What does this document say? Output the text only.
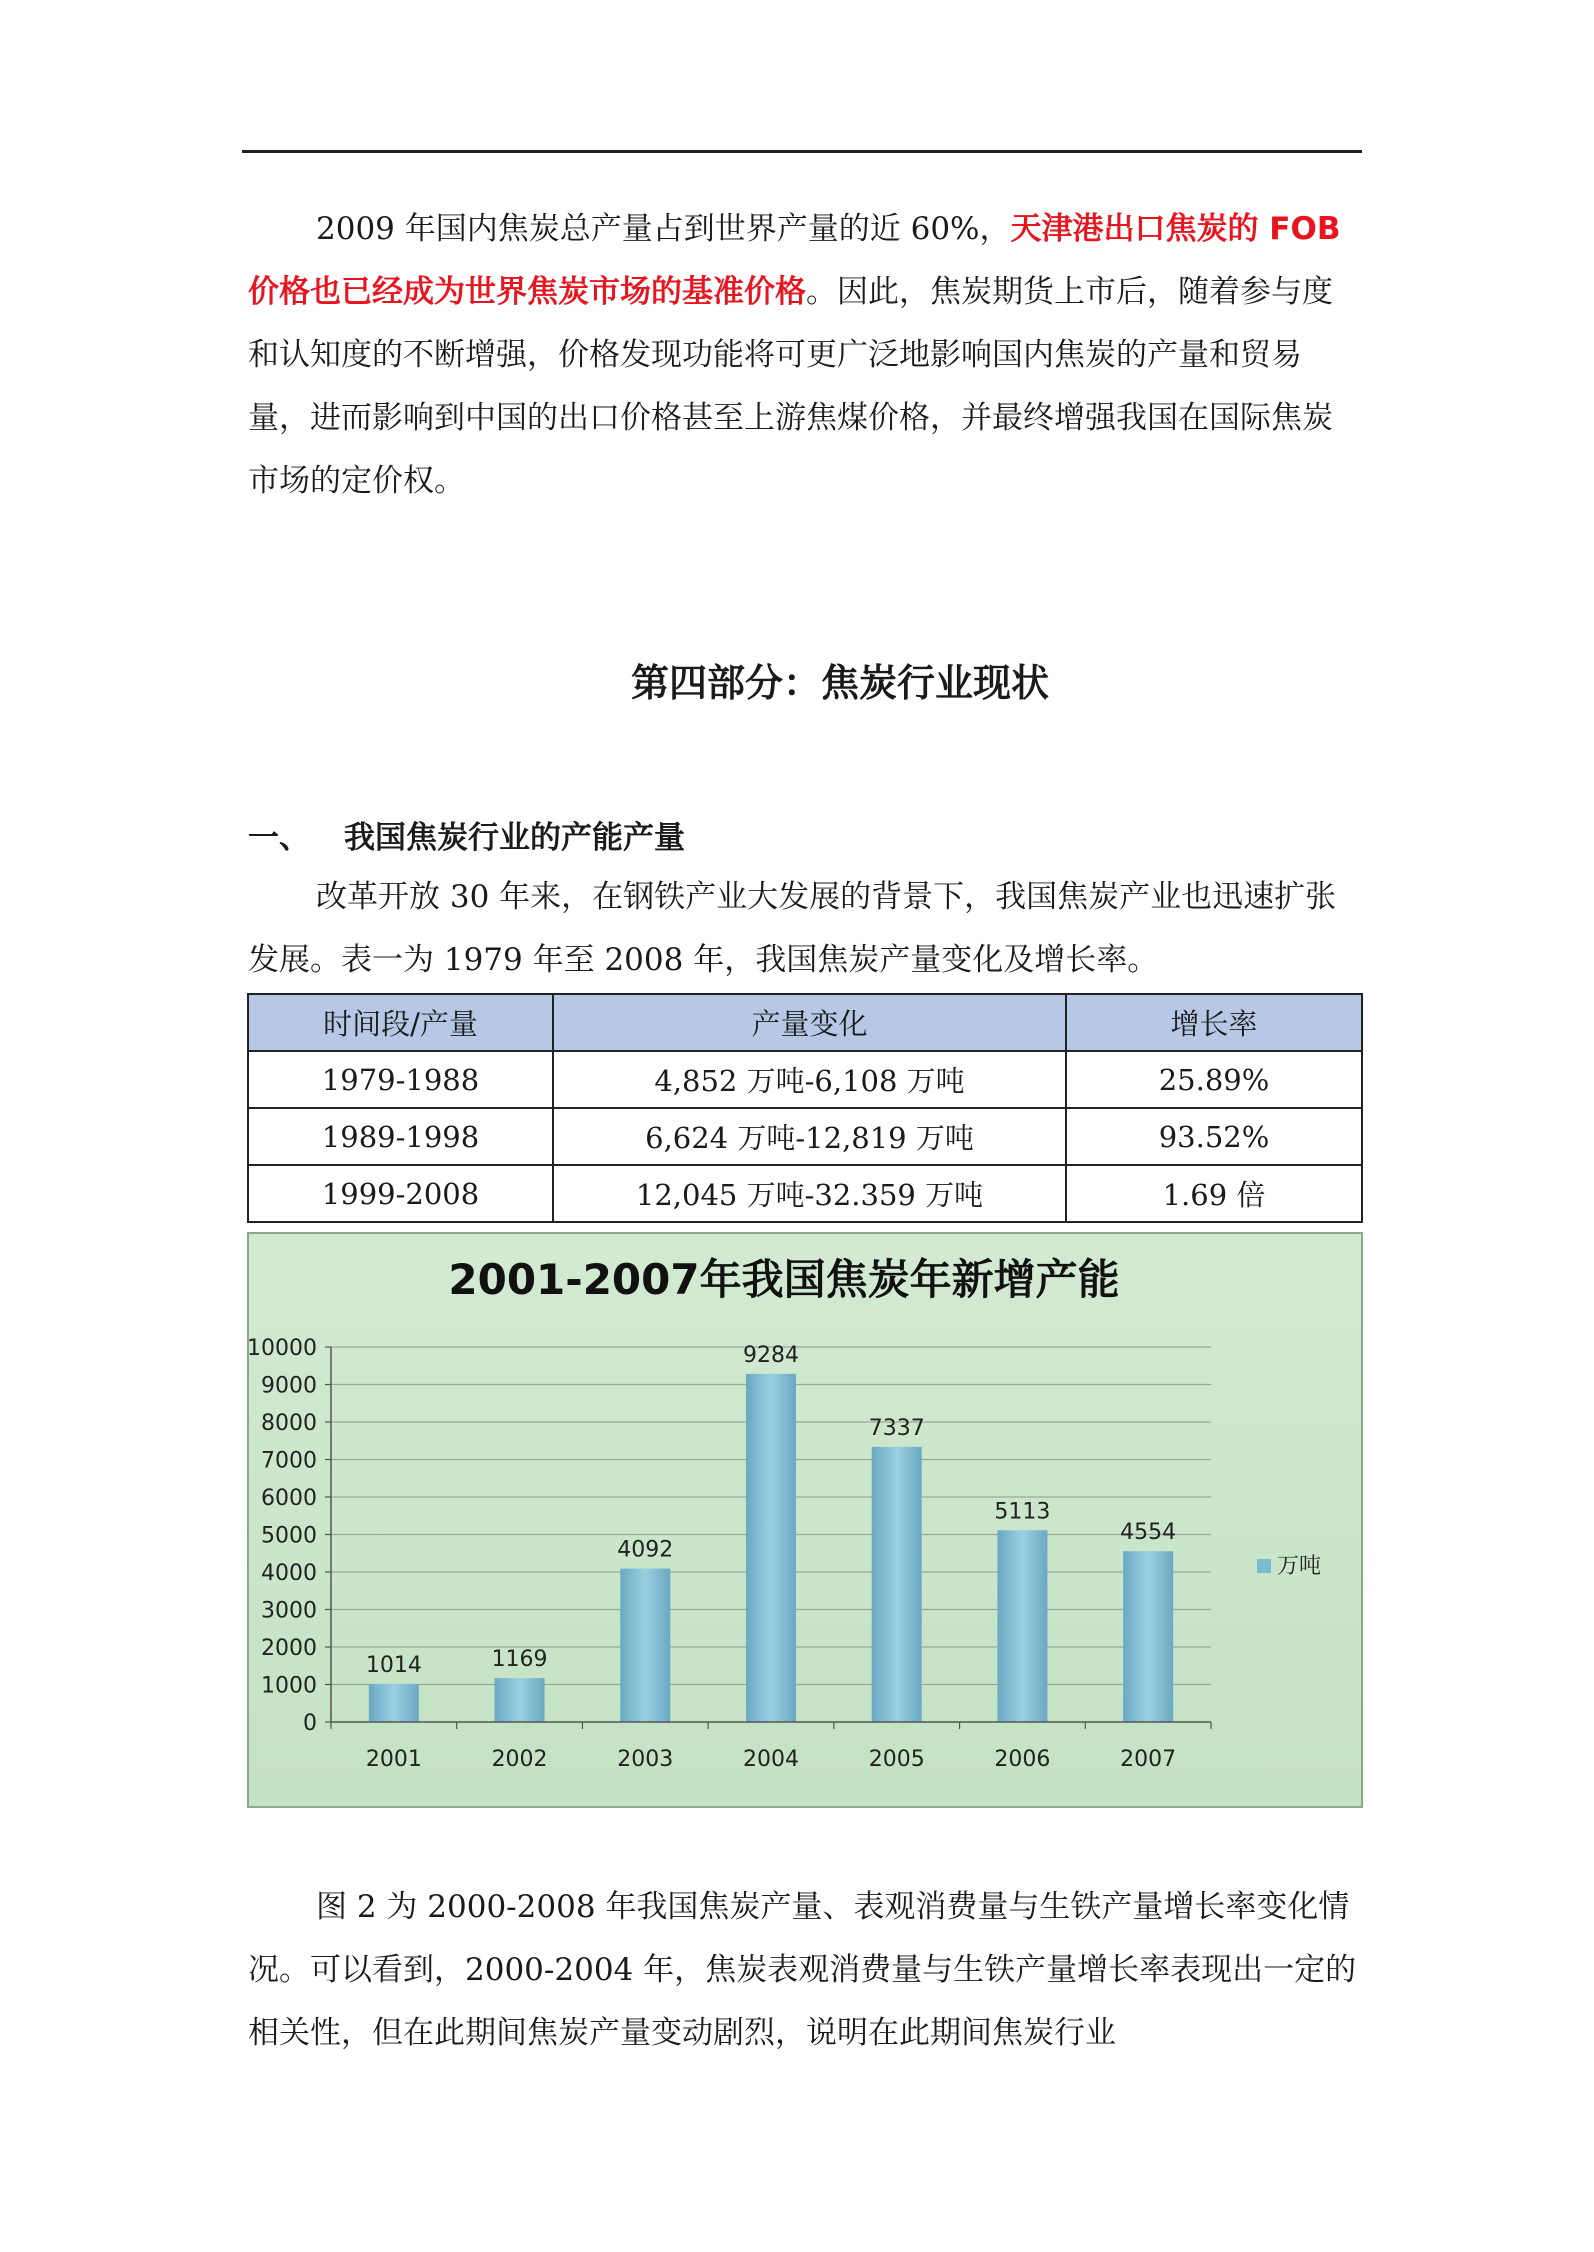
2009 年国内焦炭总产量占到世界产量的近 60%，天津港出口焦炭的 FOB 价格也已经成为世界焦炭市场的基准价格。因此，焦炭期货上市后，随着参与度和认知度的不断增强，价格发现功能将可更广泛地影响国内焦炭的产量和贸易量，进而影响到中国的出口价格甚至上游焦煤价格，并最终增强我国在国际焦炭市场的定价权。

第四部分：焦炭行业现状
一、 我国焦炭行业的产能产量

改革开放 30 年来，在钢铁产业大发展的背景下，我国焦炭产业也迅速扩张发展。表一为 1979 年至 2008 年，我国焦炭产量变化及增长率。

时间段/产量	产量变化	增长率
1979-1988	4,852 万吨-6,108 万吨	25.89%
1989-1998	6,624 万吨-12,819 万吨	93.52%
1999-2008	12,045 万吨-32.359 万吨	1.69 倍
2001-2007年我国焦炭年新增产能
0
1000
2000
3000
4000
5000
6000
7000
8000
9000
10000
1014	1169
4092
9284
7337
5113
4554
2001	2002	2003	2004	2005	2006	2007
万吨

图 2 为 2000-2008 年我国焦炭产量、表观消费量与生铁产量增长率变化情况。可以看到，2000-2004 年，焦炭表观消费量与生铁产量增长率表现出一定的相关性，但在此期间焦炭产量变动剧烈，说明在此期间焦炭行业
